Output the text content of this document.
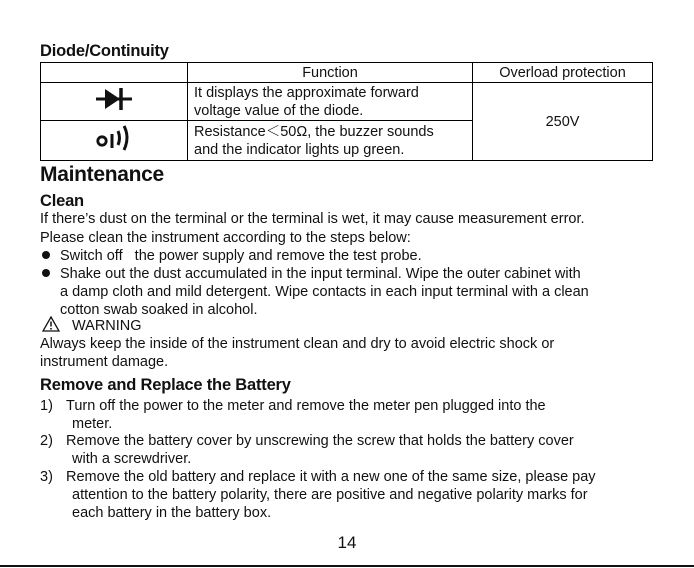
Diode/Continuity
	Function	Overload protection

It displays the approximate forward
voltage value of the diode.	250V

Resistance＜50Ω, the buzzer sounds
and the indicator lights up green.	
Maintenance
Clean
If there’s dust on the terminal or the terminal is wet, it may cause measurement error.
Please clean the instrument according to the steps below:
Switch off   the power supply and remove the test probe.
Shake out the dust accumulated in the input terminal. Wipe the outer cabinet with
a damp cloth and mild detergent. Wipe contacts in each input terminal with a clean
cotton swab soaked in alcohol.
WARNING
Always keep the inside of the instrument clean and dry to avoid electric shock or
instrument damage.
Remove and Replace the Battery
1) Turn off the power to the meter and remove the meter pen plugged into the
meter.
2) Remove the battery cover by unscrewing the screw that holds the battery cover
with a screwdriver.
3) Remove the old battery and replace it with a new one of the same size, please pay
attention to the battery polarity, there are positive and negative polarity marks for
each battery in the battery box.
14
